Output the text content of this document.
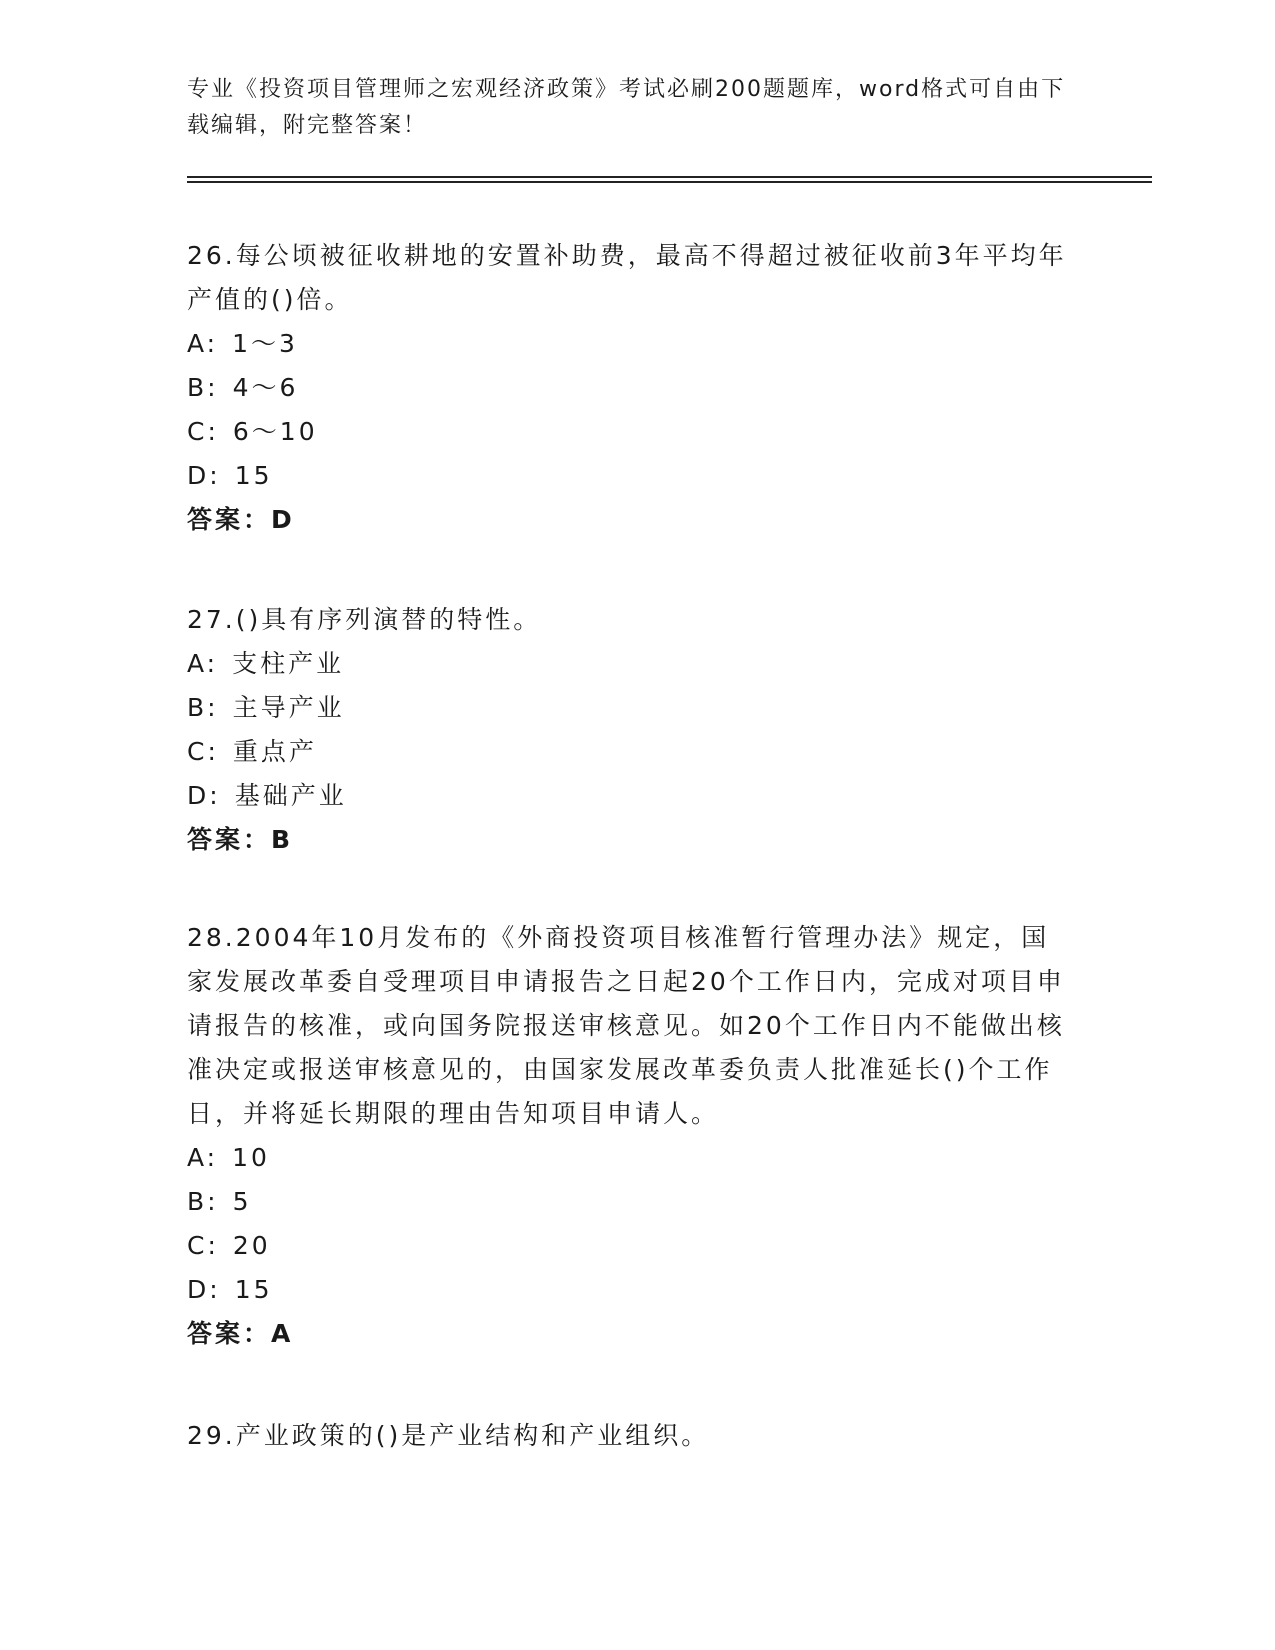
专业《投资项目管理师之宏观经济政策》考试必刷200题题库，word格式可自由下载编辑，附完整答案！

26.每公顷被征收耕地的安置补助费，最高不得超过被征收前3年平均年产值的()倍。

A: 1～3

B: 4～6

C: 6～10

D: 15

答案：D

27.()具有序列演替的特性。

A: 支柱产业

B: 主导产业

C: 重点产

D: 基础产业

答案：B

28.2004年10月发布的《外商投资项目核准暂行管理办法》规定，国家发展改革委自受理项目申请报告之日起20个工作日内，完成对项目申请报告的核准，或向国务院报送审核意见。如20个工作日内不能做出核准决定或报送审核意见的，由国家发展改革委负责人批准延长()个工作日，并将延长期限的理由告知项目申请人。

A: 10

B: 5

C: 20

D: 15

答案：A

29.产业政策的()是产业结构和产业组织。
